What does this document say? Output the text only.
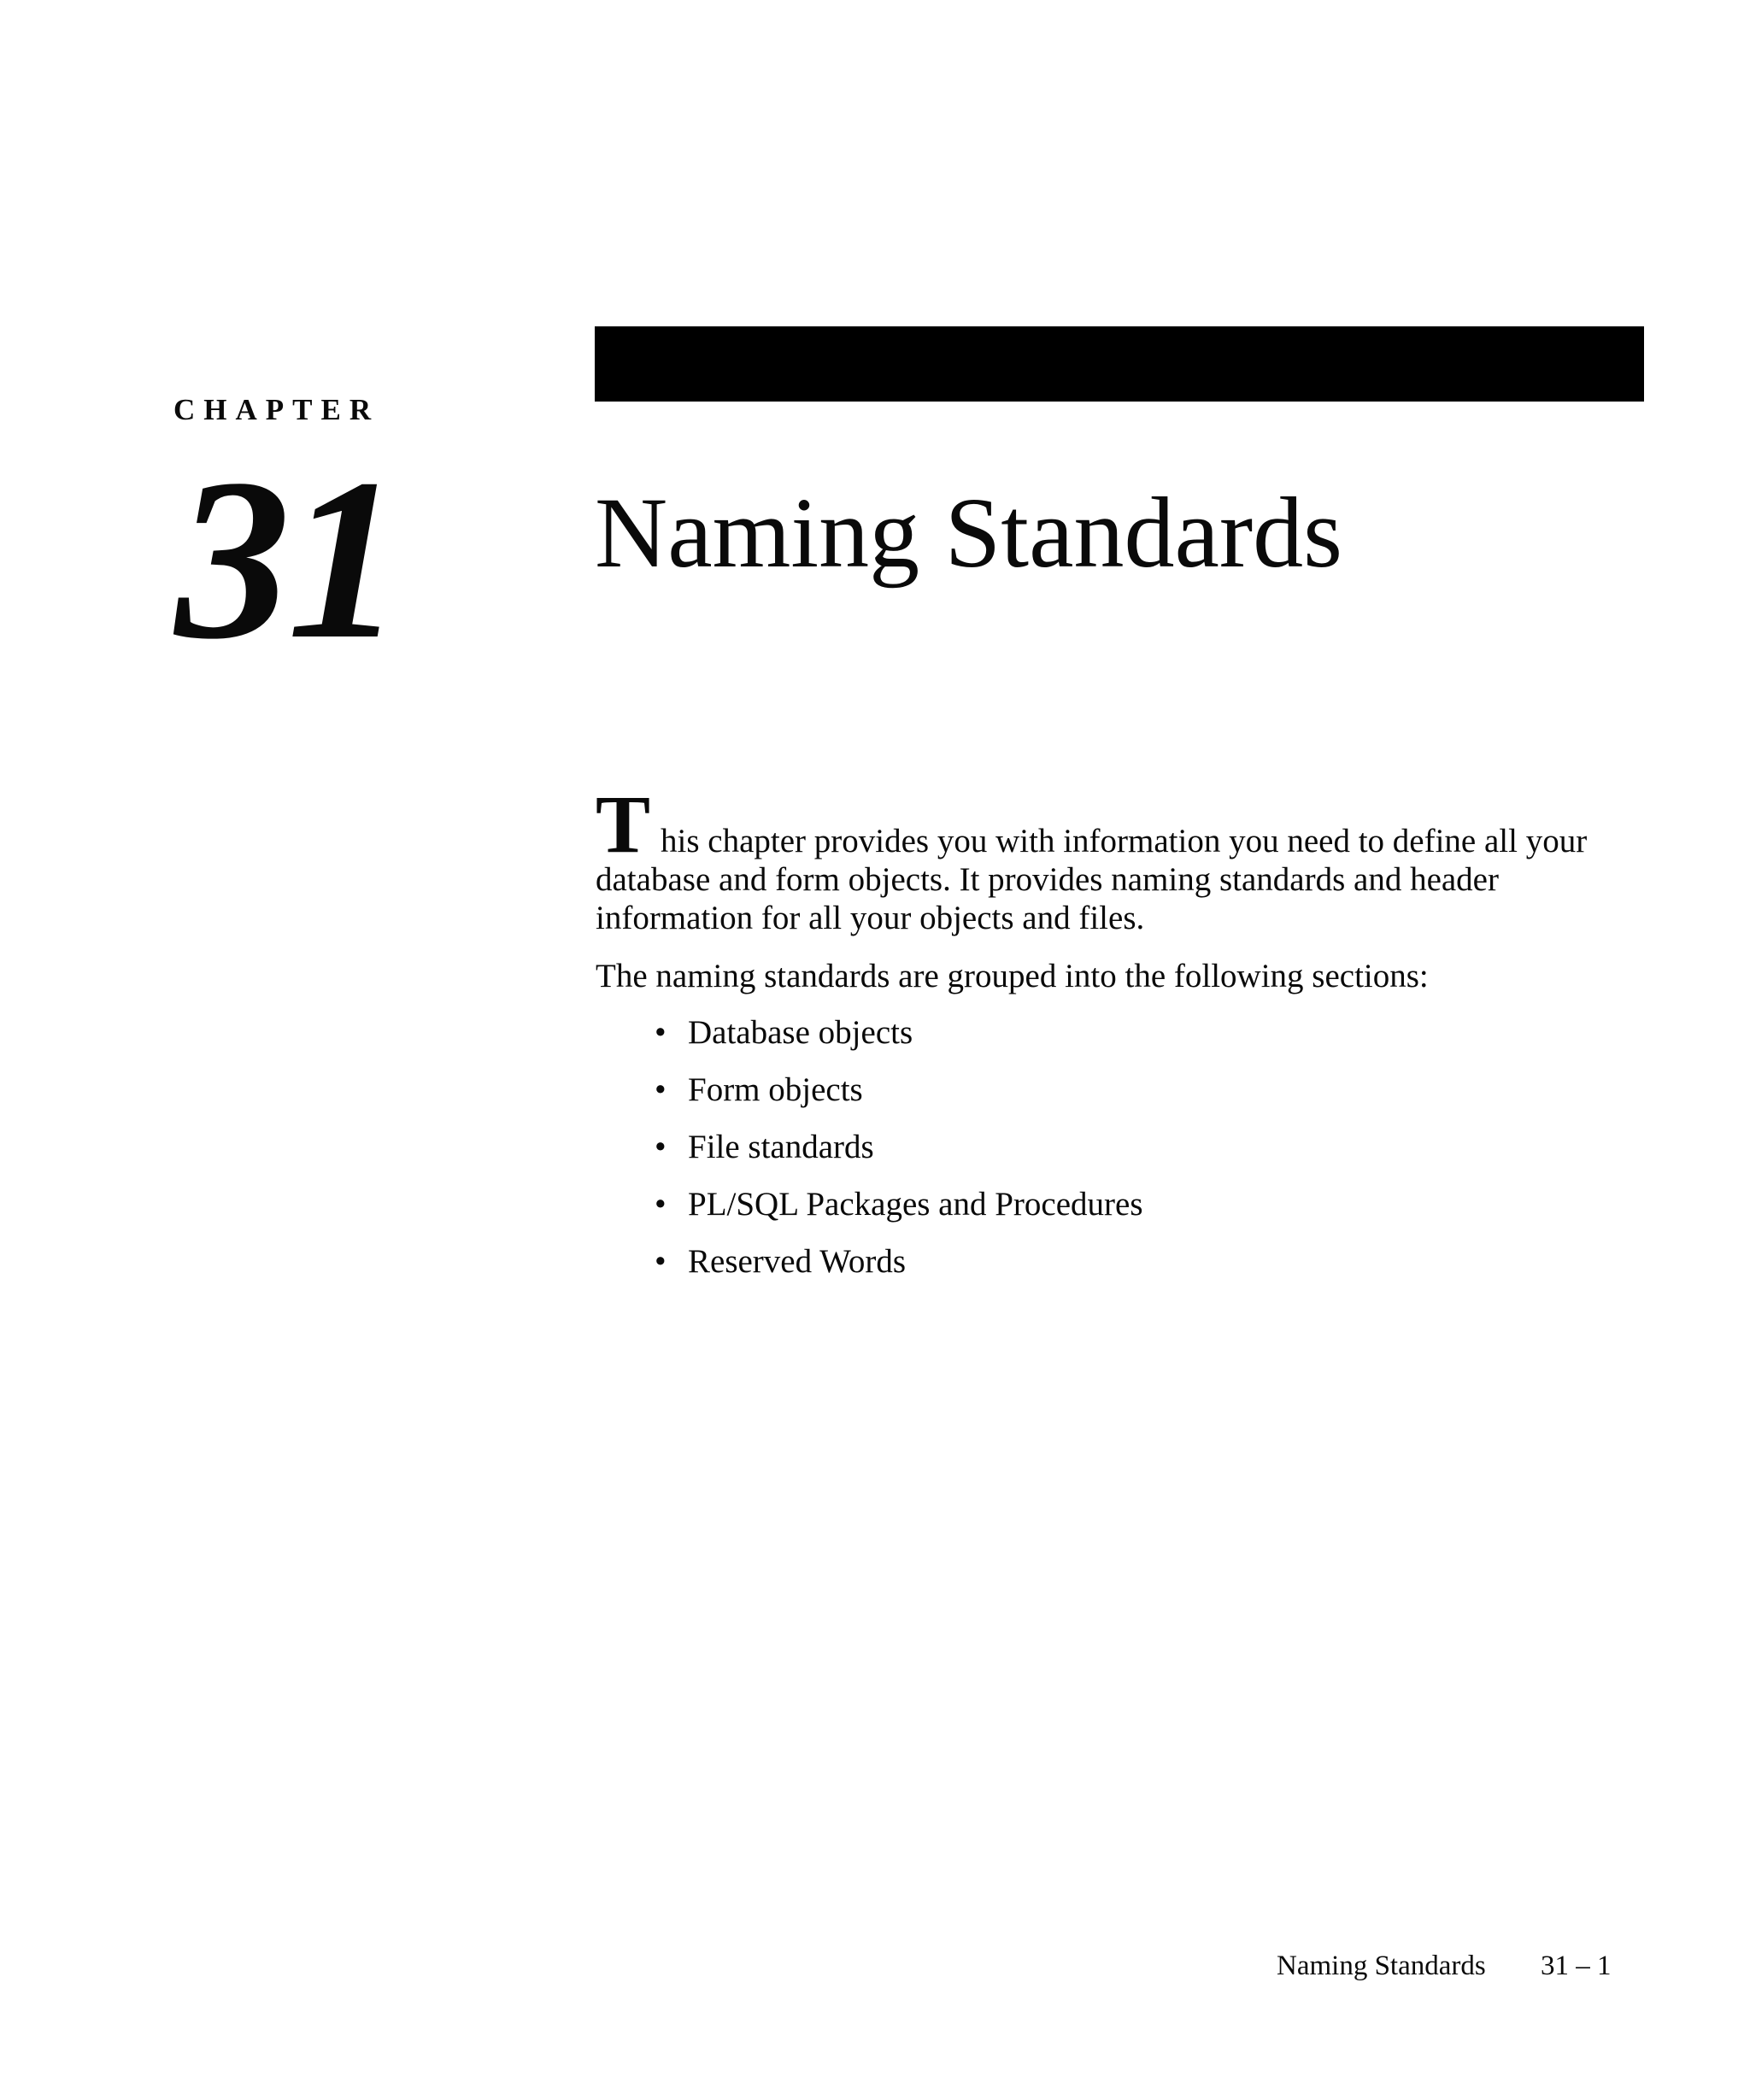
CHAPTER
31 Naming Standards

This chapter provides you with information you need to define all your database and form objects. It provides naming standards and header information for all your objects and files.

The naming standards are grouped into the following sections:

• Database objects
• Form objects
• File standards
• PL/SQL Packages and Procedures
• Reserved Words
Naming Standards 31 – 1
